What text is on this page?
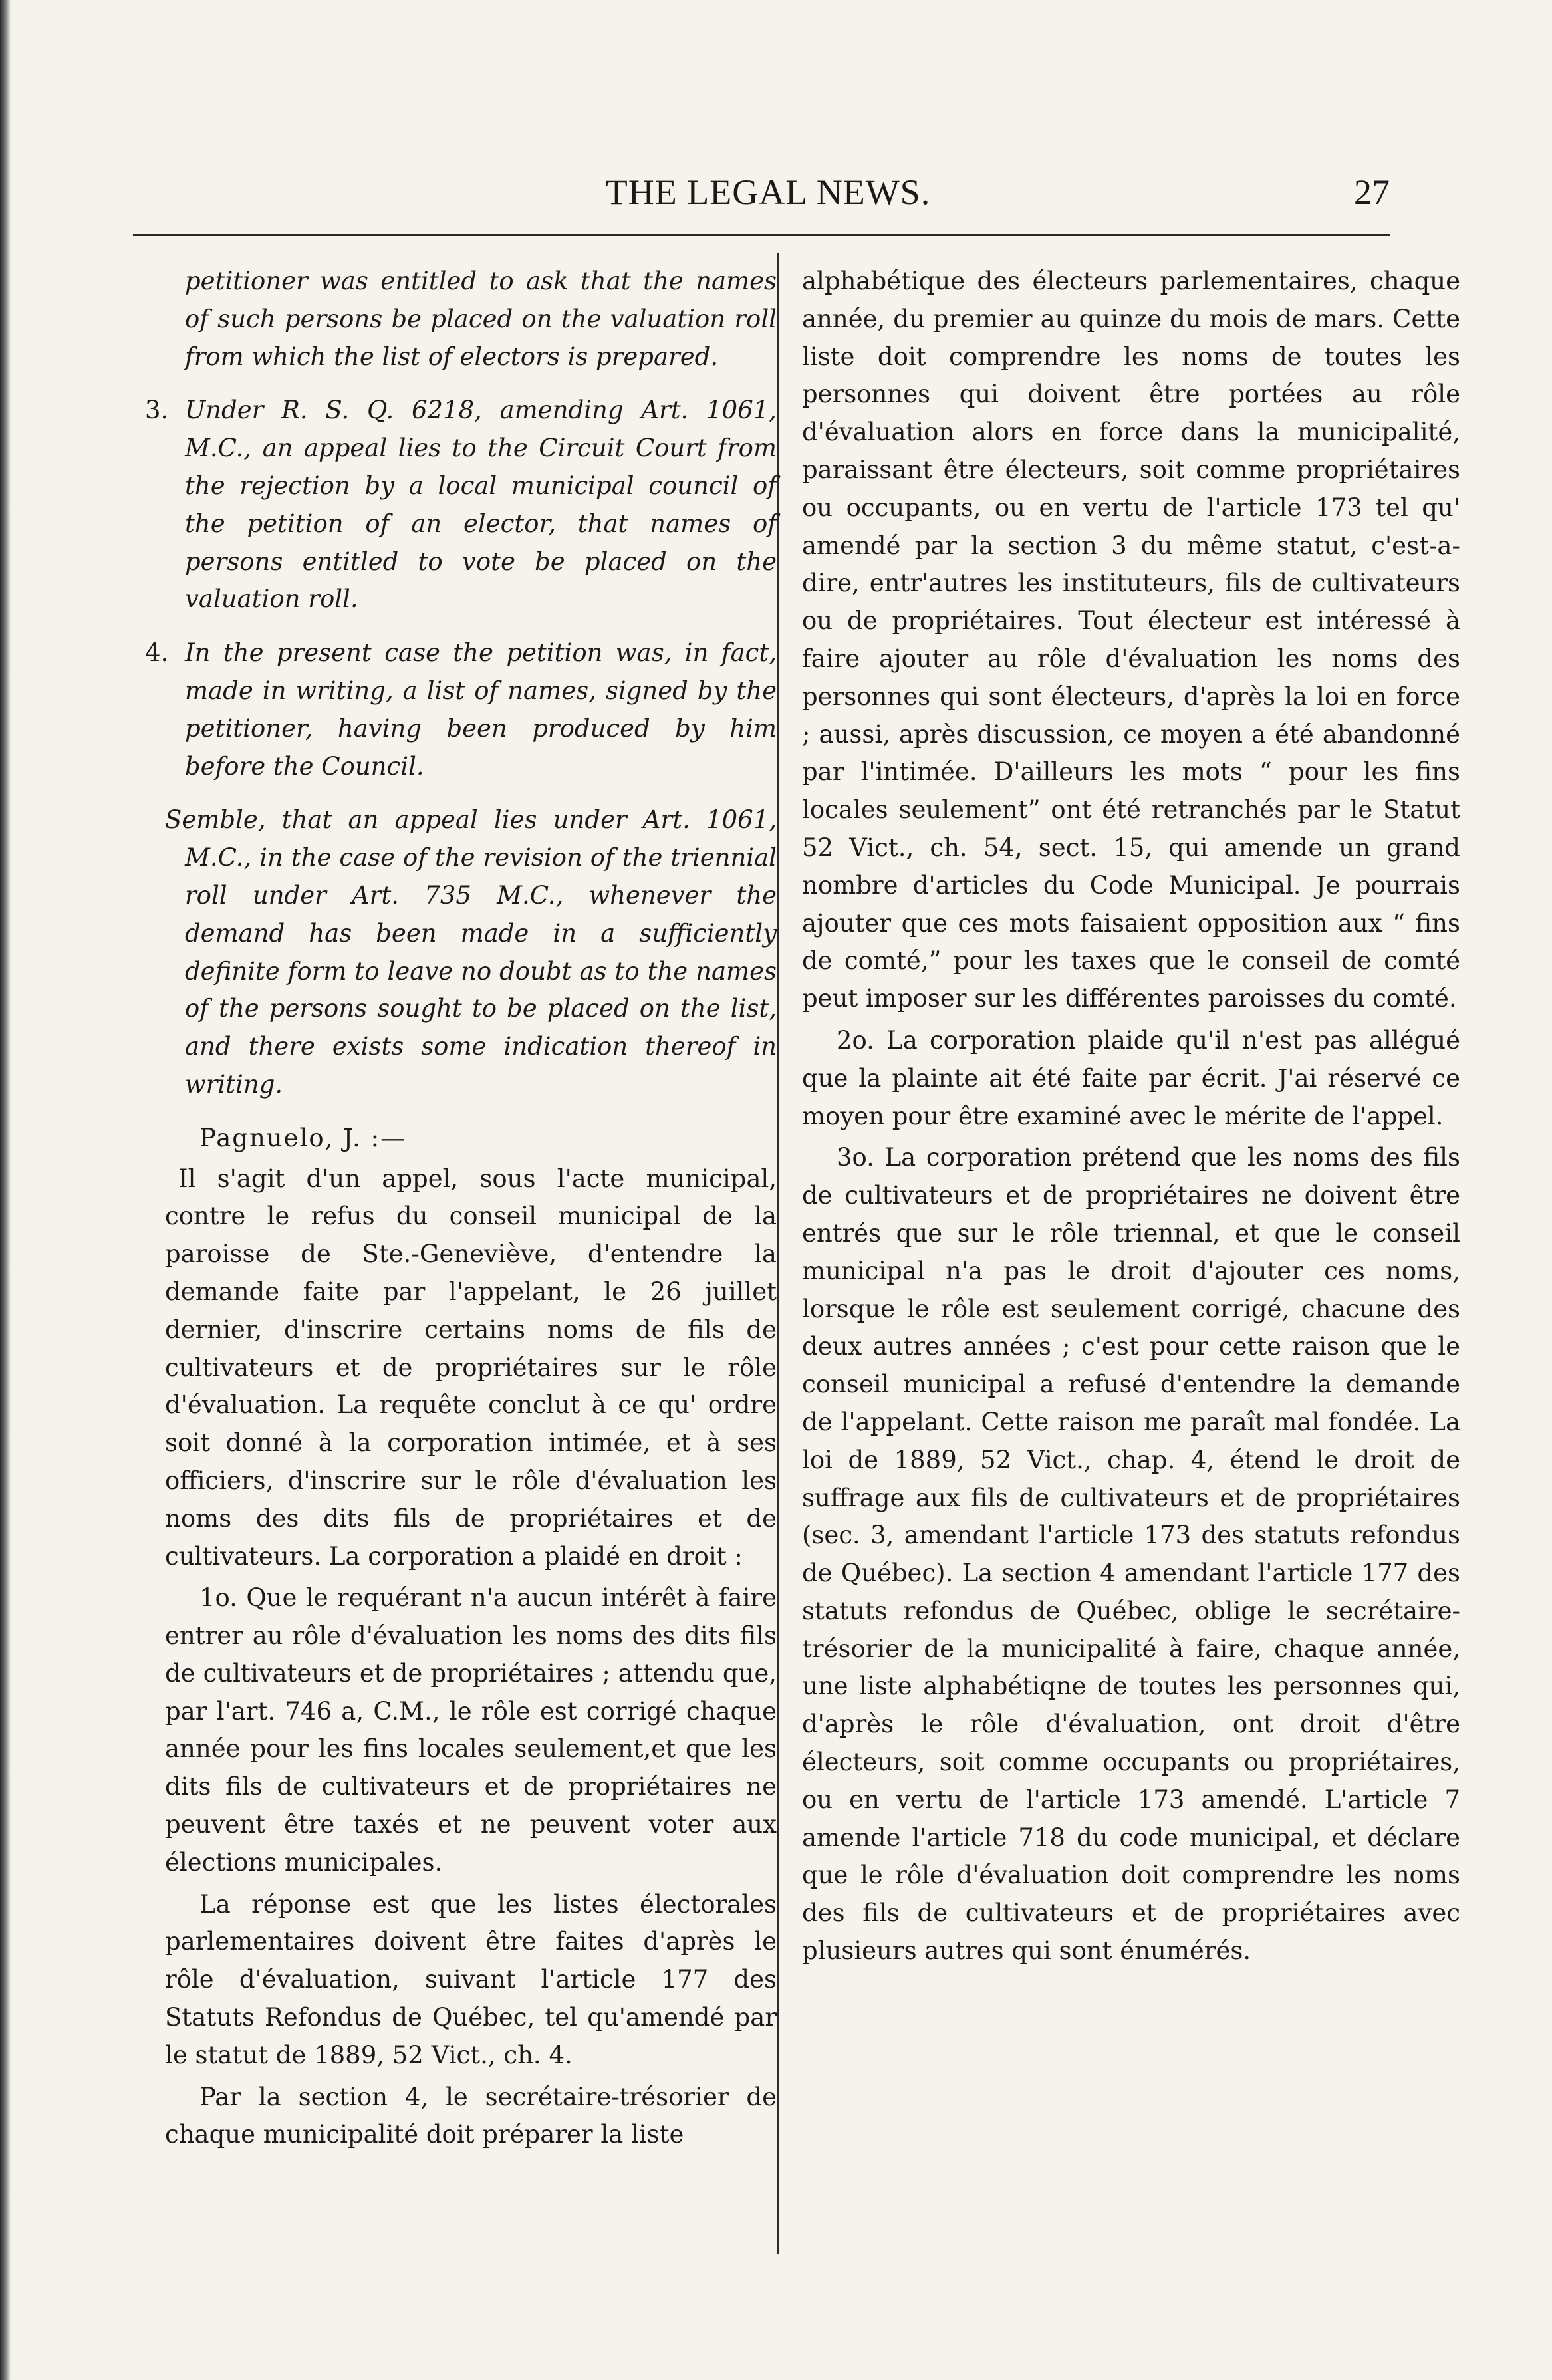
THE LEGAL NEWS.	27

petitioner was entitled to ask that the names of such persons be placed on the valuation roll from which the list of electors is prepared.

3. Under R. S. Q. 6218, amending Art. 1061, M.C., an appeal lies to the Circuit Court from the rejection by a local municipal council of the petition of an elector, that names of persons entitled to vote be placed on the valuation roll.

4. In the present case the petition was, in fact, made in writing, a list of names, signed by the petitioner, having been produced by him before the Council.

Semble, that an appeal lies under Art. 1061, M.C., in the case of the revision of the triennial roll under Art. 735 M.C., whenever the demand has been made in a sufficiently definite form to leave no doubt as to the names of the persons sought to be placed on the list, and there exists some indication thereof in writing.

Pagnuelo, J. :—

Il s'agit d'un appel, sous l'acte municipal, contre le refus du conseil municipal de la paroisse de Ste.-Geneviève, d'entendre la demande faite par l'appelant, le 26 juillet dernier, d'inscrire certains noms de fils de cultivateurs et de propriétaires sur le rôle d'évaluation. La requête conclut à ce qu' ordre soit donné à la corporation intimée, et à ses officiers, d'inscrire sur le rôle d'évaluation les noms des dits fils de propriétaires et de cultivateurs. La corporation a plaidé en droit :

1o. Que le requérant n'a aucun intérêt à faire entrer au rôle d'évaluation les noms des dits fils de cultivateurs et de propriétaires ; attendu que, par l'art. 746 a, C.M., le rôle est corrigé chaque année pour les fins locales seulement,et que les dits fils de cultivateurs et de propriétaires ne peuvent être taxés et ne peuvent voter aux élections municipales.

La réponse est que les listes électorales parlementaires doivent être faites d'après le rôle d'évaluation, suivant l'article 177 des Statuts Refondus de Québec, tel qu'amendé par le statut de 1889, 52 Vict., ch. 4.

Par la section 4, le secrétaire-trésorier de chaque municipalité doit préparer la liste

alphabétique des électeurs parlementaires, chaque année, du premier au quinze du mois de mars. Cette liste doit comprendre les noms de toutes les personnes qui doivent être portées au rôle d'évaluation alors en force dans la municipalité, paraissant être électeurs, soit comme propriétaires ou occupants, ou en vertu de l'article 173 tel qu' amendé par la section 3 du même statut, c'est-a-dire, entr'autres les instituteurs, fils de cultivateurs ou de propriétaires. Tout électeur est intéressé à faire ajouter au rôle d'évaluation les noms des personnes qui sont électeurs, d'après la loi en force ; aussi, après discussion, ce moyen a été abandonné par l'intimée. D'ailleurs les mots “ pour les fins locales seulement” ont été retranchés par le Statut 52 Vict., ch. 54, sect. 15, qui amende un grand nombre d'articles du Code Municipal. Je pourrais ajouter que ces mots faisaient opposition aux “ fins de comté,” pour les taxes que le conseil de comté peut imposer sur les différentes paroisses du comté.

2o. La corporation plaide qu'il n'est pas allégué que la plainte ait été faite par écrit. J'ai réservé ce moyen pour être examiné avec le mérite de l'appel.

3o. La corporation prétend que les noms des fils de cultivateurs et de propriétaires ne doivent être entrés que sur le rôle triennal, et que le conseil municipal n'a pas le droit d'ajouter ces noms, lorsque le rôle est seulement corrigé, chacune des deux autres années ; c'est pour cette raison que le conseil municipal a refusé d'entendre la demande de l'appelant. Cette raison me paraît mal fondée. La loi de 1889, 52 Vict., chap. 4, étend le droit de suffrage aux fils de cultivateurs et de propriétaires (sec. 3, amendant l'article 173 des statuts refondus de Québec). La section 4 amendant l'article 177 des statuts refondus de Québec, oblige le secrétaire-trésorier de la municipalité à faire, chaque année, une liste alphabétiqne de toutes les personnes qui, d'après le rôle d'évaluation, ont droit d'être électeurs, soit comme occupants ou propriétaires, ou en vertu de l'article 173 amendé. L'article 7 amende l'article 718 du code municipal, et déclare que le rôle d'évaluation doit comprendre les noms des fils de cultivateurs et de propriétaires avec plusieurs autres qui sont énumérés.
